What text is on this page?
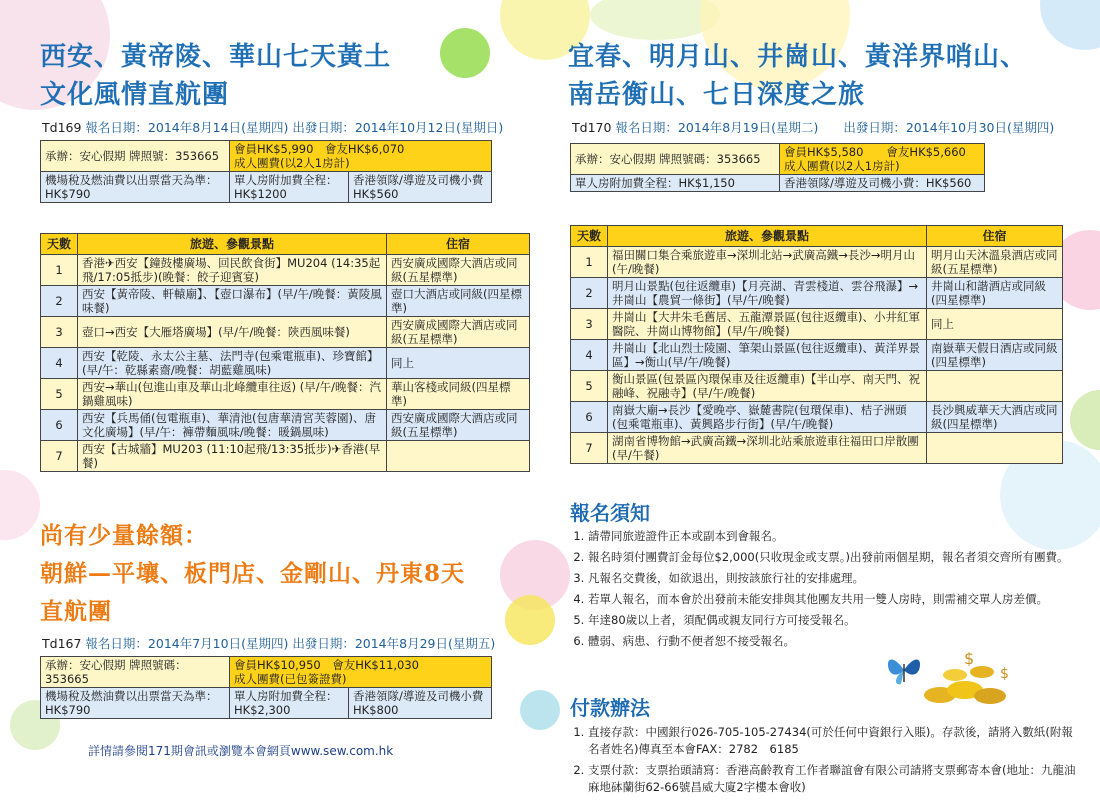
西安、黃帝陵、華山七天黃土
文化風情直航團
Td169 報名日期：2014年8月14日(星期四) 出發日期：2014年10月12日(星期日)
承辦：安心假期 牌照號：353665	會員HK$5,990　會友HK$6,070
成人團費(以2人1房計)	
機場稅及燃油費以出票當天為準：HK$790	單人房附加費全程：HK$1200	香港領隊/導遊及司機小費HK$560
天數	旅遊、參觀景點	住宿
1	香港✈西安【鐘鼓樓廣場、回民飲食街】MU204 (14:35起飛/17:05抵步)(晚餐：餃子迎賓宴)	西安廣成國際大酒店或同級(五星標準)
2	西安【黃帝陵、軒轅廟】、【壺口瀑布】(早/午/晚餐：黃陵風味餐)	壺口大酒店或同級(四星標準)
3	壺口→西安【大雁塔廣場】(早/午/晚餐：陝西風味餐)	西安廣成國際大酒店或同級(五星標準)
4	西安【乾陵、永太公主墓、法門寺(包乘電瓶車)、珍寶館】(早/午：乾縣素齋/晚餐：胡藍雞風味)	同上
5	西安→華山(包進山車及華山北峰纜車往返) (早/午/晚餐：汽鍋雞風味)	華山客棧或同級(四星標準)
6	西安【兵馬俑(包電瓶車)、華清池(包唐華清宮芙蓉園)、唐文化廣場】(早/午：褲帶麵風味/晚餐：暖鍋風味)	西安廣成國際大酒店或同級(五星標準)
7	西安【古城牆】MU203 (11:10起飛/13:35抵步)✈香港(早餐)	
尚有少量餘額：
朝鮮—平壤、板門店、金剛山、丹東8天
直航團
Td167 報名日期：2014年7月10日(星期四) 出發日期：2014年8月29日(星期五)
承辦：安心假期 牌照號碼：353665	會員HK$10,950　會友HK$11,030
成人團費(已包簽證費)	
機場稅及燃油費以出票當天為準：HK$790	單人房附加費全程：HK$2,300	香港領隊/導遊及司機小費HK$800
詳情請參閱171期會訊或瀏覽本會網頁www.sew.com.hk
宜春、明月山、井崗山、黃洋界哨山、
南岳衡山、七日深度之旅
Td170 報名日期：2014年8月19日(星期二)　　出發日期：2014年10月30日(星期四)
承辦：安心假期 牌照號碼：353665	會員HK$5,580　　會友HK$5,660
成人團費(以2人1房計)
單人房附加費全程：HK$1,150	香港領隊/導遊及司機小費：HK$560
天數	旅遊、參觀景點	住宿
1	福田關口集合乘旅遊車→深圳北站→武廣高鐵→長沙→明月山(午/晚餐)	明月山天沐溫泉酒店或同級(五星標準)
2	明月山景點(包往返纜車)【月亮湖、青雲棧道、雲谷飛瀑】→井崗山【農貿一條街】(早/午/晚餐)	井崗山和諧酒店或同級(四星標準)
3	井崗山【大井朱毛舊居、五龍潭景區(包往返纜車)、小井紅軍醫院、井崗山博物館】(早/午/晚餐)	同上
4	井崗山【北山烈士陵園、筆架山景區(包往返纜車)、黃洋界景區】→衡山(早/午/晚餐)	南嶽華天假日酒店或同級(四星標準)
5	衡山景區(包景區內環保車及往返纜車)【半山亭、南天門、祝融峰、祝融寺】(早/午/晚餐)	
6	南嶽大廟→長沙【愛晚亭、嶽麓書院(包環保車)、桔子洲頭(包乘電瓶車)、黃興路步行街】(早/午/晚餐)	長沙興威華天大酒店或同級(四星標準)
7	湖南省博物館→武廣高鐵→深圳北站乘旅遊車往福田口岸散團(早/午餐)	
報名須知
1. 請帶同旅遊證件正本或副本到會報名。
2. 報名時須付團費訂金每位$2,000(只收現金或支票。)出發前兩個星期，報名者須交齊所有團費。
3. 凡報名交費後，如欲退出，則按該旅行社的安排處理。
4. 若單人報名，而本會於出發前未能安排與其他團友共用一雙人房時，則需補交單人房差價。
5. 年達80歲以上者，須配偶或親友同行方可接受報名。
6. 體弱、病患、行動不便者恕不接受報名。
$
$
付款辦法
1. 直接存款：中國銀行026-705-105-27434(可於任何中資銀行入賬)。存款後，請將入數紙(附報名者姓名)傳真至本會FAX：2782　6185
2. 支票付款：支票抬頭請寫：香港高齡教育工作者聯誼會有限公司請將支票郵寄本會(地址：九龍油麻地砵蘭街62-66號昌威大廈2字樓本會收)
